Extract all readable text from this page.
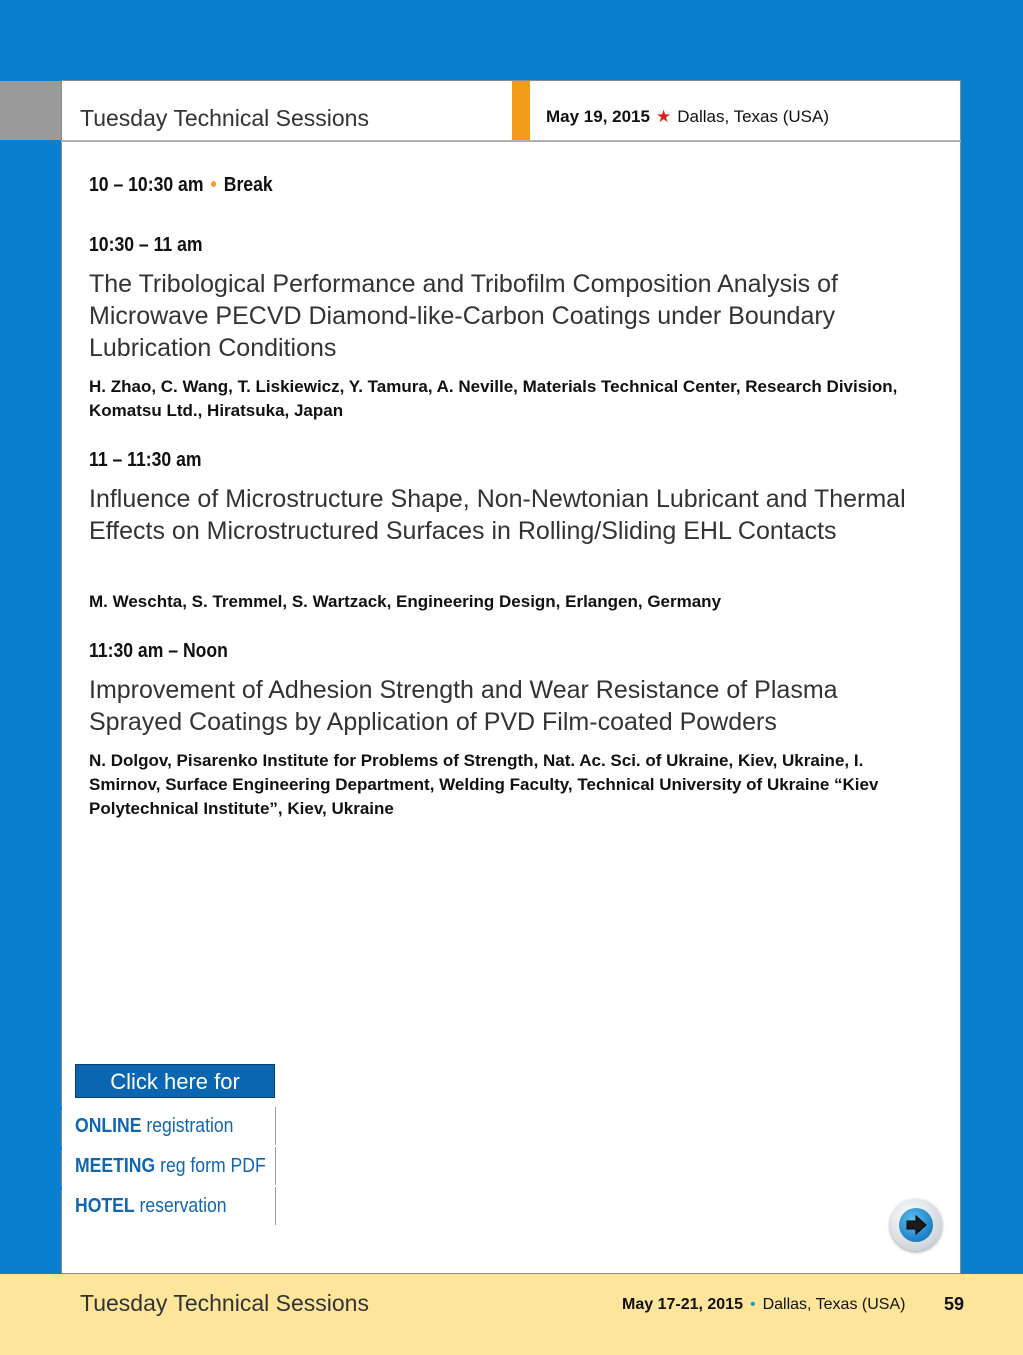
Tuesday Technical Sessions	May 19, 2015 ★ Dallas, Texas (USA)
10 – 10:30 am • Break
10:30 – 11 am
The Tribological Performance and Tribofilm Composition Analysis of Microwave PECVD Diamond-like-Carbon Coatings under Boundary Lubrication Conditions
H. Zhao, C. Wang, T. Liskiewicz, Y. Tamura, A. Neville, Materials Technical Center, Research Division, Komatsu Ltd., Hiratsuka, Japan
11 – 11:30 am
Influence of Microstructure Shape, Non-Newtonian Lubricant and Thermal Effects on Microstructured Surfaces in Rolling/Sliding EHL Contacts
M. Weschta, S. Tremmel, S. Wartzack, Engineering Design, Erlangen, Germany
11:30 am – Noon
Improvement of Adhesion Strength and Wear Resistance of Plasma Sprayed Coatings by Application of PVD Film-coated Powders
N. Dolgov, Pisarenko Institute for Problems of Strength, Nat. Ac. Sci. of Ukraine, Kiev, Ukraine, I. Smirnov, Surface Engineering Department, Welding Faculty, Technical University of Ukraine “Kiev Polytechnical Institute”, Kiev, Ukraine
Click here for
ONLINE registration
MEETING reg form PDF
HOTEL reservation
Tuesday Technical Sessions	May 17-21, 2015 • Dallas, Texas (USA) 59
